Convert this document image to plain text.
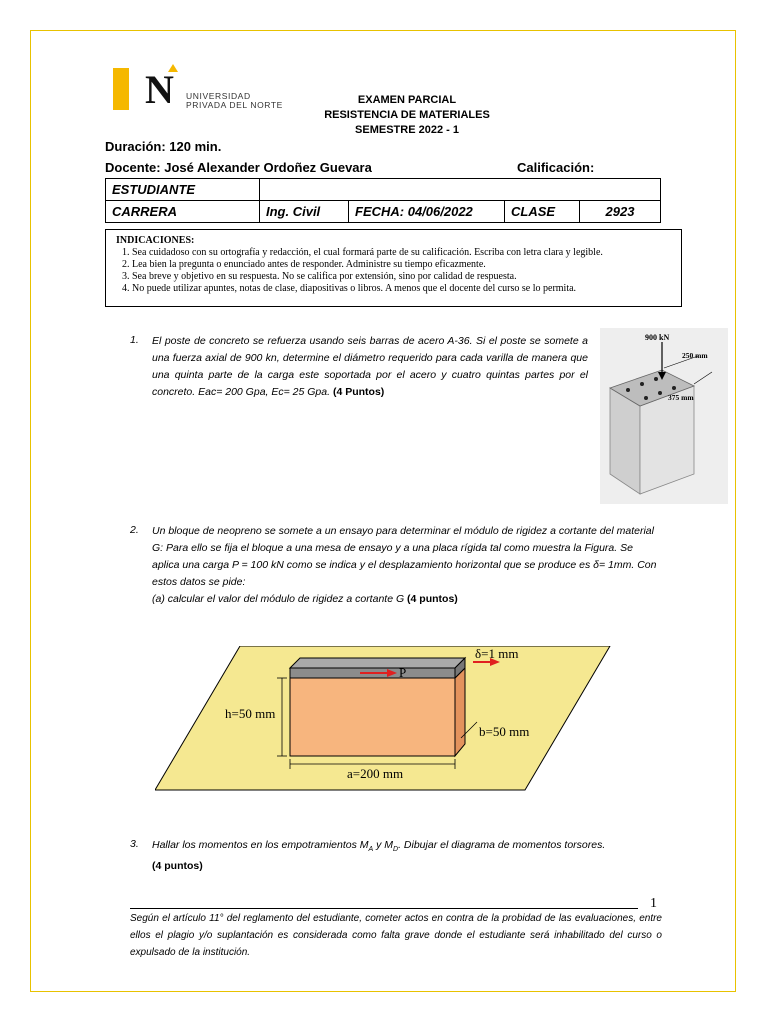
N UNIVERSIDAD
PRIVADA DEL NORTE	EXAMEN PARCIAL
RESISTENCIA DE MATERIALES
SEMESTRE 2022 - 1
Duración: 120 min.
Docente: José Alexander Ordoñez Guevara	Calificación:
ESTUDIANTE				
CARRERA	Ing. Civil	FECHA: 04/06/2022	CLASE	2923
INDICACIONES:
1. Sea cuidadoso con su ortografía y redacción, el cual formará parte de su calificación. Escriba con letra clara y legible.
2. Lea bien la pregunta o enunciado antes de responder. Administre su tiempo eficazmente.
3. Sea breve y objetivo en su respuesta. No se califica por extensión, sino por calidad de respuesta.
4. No puede utilizar apuntes, notas de clase, diapositivas o libros. A menos que el docente del curso se lo permita.
1. El poste de concreto se refuerza usando seis barras de acero A-36. Si el poste se somete a una fuerza axial de 900 kn, determine el diámetro requerido para cada varilla de manera que una quinta parte de la carga este soportada por el acero y cuatro quintas partes por el concreto. Eac= 200 Gpa, Ec= 25 Gpa. (4 Puntos)
900 kN
250 mm
375 mm
2. Un bloque de neopreno se somete a un ensayo para determinar el módulo de rigidez a cortante del material G: Para ello se fija el bloque a una mesa de ensayo y a una placa rígida tal como muestra la Figura. Se aplica una carga P = 100 kN como se indica y el desplazamiento horizontal que se produce es δ= 1mm. Con estos datos se pide:
(a) calcular el valor del módulo de rigidez a cortante G (4 puntos)
P
δ=1 mm
h=50 mm
a=200 mm
b=50 mm
3. Hallar los momentos en los empotramientos $M_A$ y $M_D$. Dibujar el diagrama de momentos torsores.
(4 puntos)
1
Según el artículo 11° del reglamento del estudiante, cometer actos en contra de la probidad de las evaluaciones, entre ellos el plagio y/o suplantación es considerada como falta grave donde el estudiante será inhabilitado del curso o expulsado de la institución.
